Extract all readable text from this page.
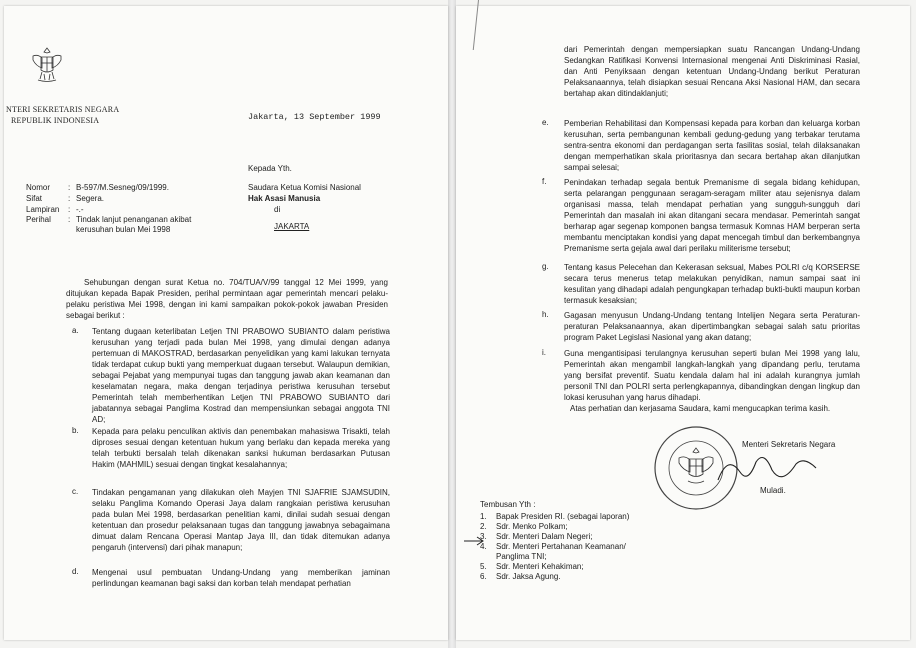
NTERI SEKRETARIS NEGARA

REPUBLIK INDONESIA	Jakarta, 13 September 1999

Kepada Yth.

Saudara Ketua Komisi Nasional

Hak Asasi Manusia

di

JAKARTA

Nomor	: B-597/M.Sesneg/09/1999.
Sifat	: Segera.
Lampiran	: -.-
Perihal	: Tindak lanjut penanganan akibat kerusuhan bulan Mei 1998

Sehubungan dengan surat Ketua no. 704/TUA/V/99 tanggal 12 Mei 1999, yang ditujukan kepada Bapak Presiden, perihal permintaan agar pemerintah mencari pelaku-pelaku peristiwa Mei 1998, dengan ini kami sampaikan pokok-pokok jawaban Presiden sebagai berikut :

a. Tentang dugaan keterlibatan Letjen TNI PRABOWO SUBIANTO dalam peristiwa kerusuhan yang terjadi pada bulan Mei 1998, yang dimulai dengan adanya pertemuan di MAKOSTRAD, berdasarkan penyelidikan yang kami lakukan ternyata tidak terdapat cukup bukti yang memperkuat dugaan tersebut. Walaupun demikian, sebagai Pejabat yang mempunyai tugas dan tanggung jawab akan keamanan dan keselamatan negara, maka dengan terjadinya peristiwa kerusuhan tersebut Pemerintah telah memberhentikan Letjen TNI PRABOWO SUBIANTO dari jabatannya sebagai Panglima Kostrad dan mempensiunkan sebagai anggota TNI AD;

b. Kepada para pelaku penculikan aktivis dan penembakan mahasiswa Trisakti, telah diproses sesuai dengan ketentuan hukum yang berlaku dan kepada mereka yang telah terbukti bersalah telah dikenakan sanksi hukuman berdasarkan Putusan Hakim (MAHMIL) sesuai dengan tingkat kesalahannya;

c. Tindakan pengamanan yang dilakukan oleh Mayjen TNI SJAFRIE SJAMSUDIN, selaku Panglima Komando Operasi Jaya dalam rangkaian peristiwa kerusuhan pada bulan Mei 1998, berdasarkan penelitian kami, dinilai sudah sesuai dengan ketentuan dan prosedur pelaksanaan tugas dan tanggung jawabnya sebagaimana dimuat dalam Rencana Operasi Mantap Jaya III, dan tidak ditemukan adanya pengaruh (intervensi) dari pihak manapun;

d. Mengenai usul pembuatan Undang-Undang yang memberikan jaminan perlindungan keamanan bagi saksi dan korban telah mendapat perhatian

dari Pemerintah dengan mempersiapkan suatu Rancangan Undang-Undang Sedangkan Ratifikasi Konvensi Internasional mengenai Anti Diskriminasi Rasial, dan Anti Penyiksaan dengan ketentuan Undang-Undang berikut Peraturan Pelaksanaannya, telah disiapkan sesuai Rencana Aksi Nasional HAM, dan secara bertahap akan ditindaklanjuti;

e. Pemberian Rehabilitasi dan Kompensasi kepada para korban dan keluarga korban kerusuhan, serta pembangunan kembali gedung-gedung yang terbakar terutama sentra-sentra ekonomi dan perdagangan serta fasilitas sosial, telah dilaksanakan dengan memperhatikan skala prioritasnya dan secara bertahap akan dilanjutkan sampai selesai;

f. Penindakan terhadap segala bentuk Premanisme di segala bidang kehidupan, serta pelarangan penggunaan seragam-seragam militer atau sejenisnya dalam organisasi massa, telah mendapat perhatian yang sungguh-sungguh dari Pemerintah dan masalah ini akan ditangani secara mendasar. Pemerintah sangat berharap agar segenap komponen bangsa termasuk Komnas HAM berperan serta membantu menciptakan kondisi yang dapat mencegah timbul dan berkembangnya Premanisme serta gejala awal dari perilaku militerisme tersebut;

g. Tentang kasus Pelecehan dan Kekerasan seksual, Mabes POLRI c/q KORSERSE secara terus menerus tetap melakukan penyidikan, namun sampai saat ini kesulitan yang dihadapi adalah pengungkapan terhadap bukti-bukti maupun korban termasuk kesaksian;

h. Gagasan menyusun Undang-Undang tentang Intelijen Negara serta Peraturan-peraturan Pelaksanaannya, akan dipertimbangkan sebagai salah satu prioritas program Paket Legislasi Nasional yang akan datang;

i. Guna mengantisipasi terulangnya kerusuhan seperti bulan Mei 1998 yang lalu, Pemerintah akan mengambil langkah-langkah yang dipandang perlu, terutama yang bersifat preventif. Suatu kendala dalam hal ini adalah kurangnya jumlah personil TNI dan POLRI serta perlengkapannya, dibandingkan dengan lingkup dan lokasi kerusuhan yang harus dihadapi.

Atas perhatian dan kerjasama Saudara, kami mengucapkan terima kasih.

Menteri Sekretaris Negara

Muladi.

Tembusan Yth :

1.	Bapak Presiden RI. (sebagai laporan)
2.	Sdr. Menko Polkam;
3.	Sdr. Menteri Dalam Negeri;
4.	Sdr. Menteri Pertahanan Keamanan/ Panglima TNI;
5.	Sdr. Menteri Kehakiman;
6.	Sdr. Jaksa Agung.
